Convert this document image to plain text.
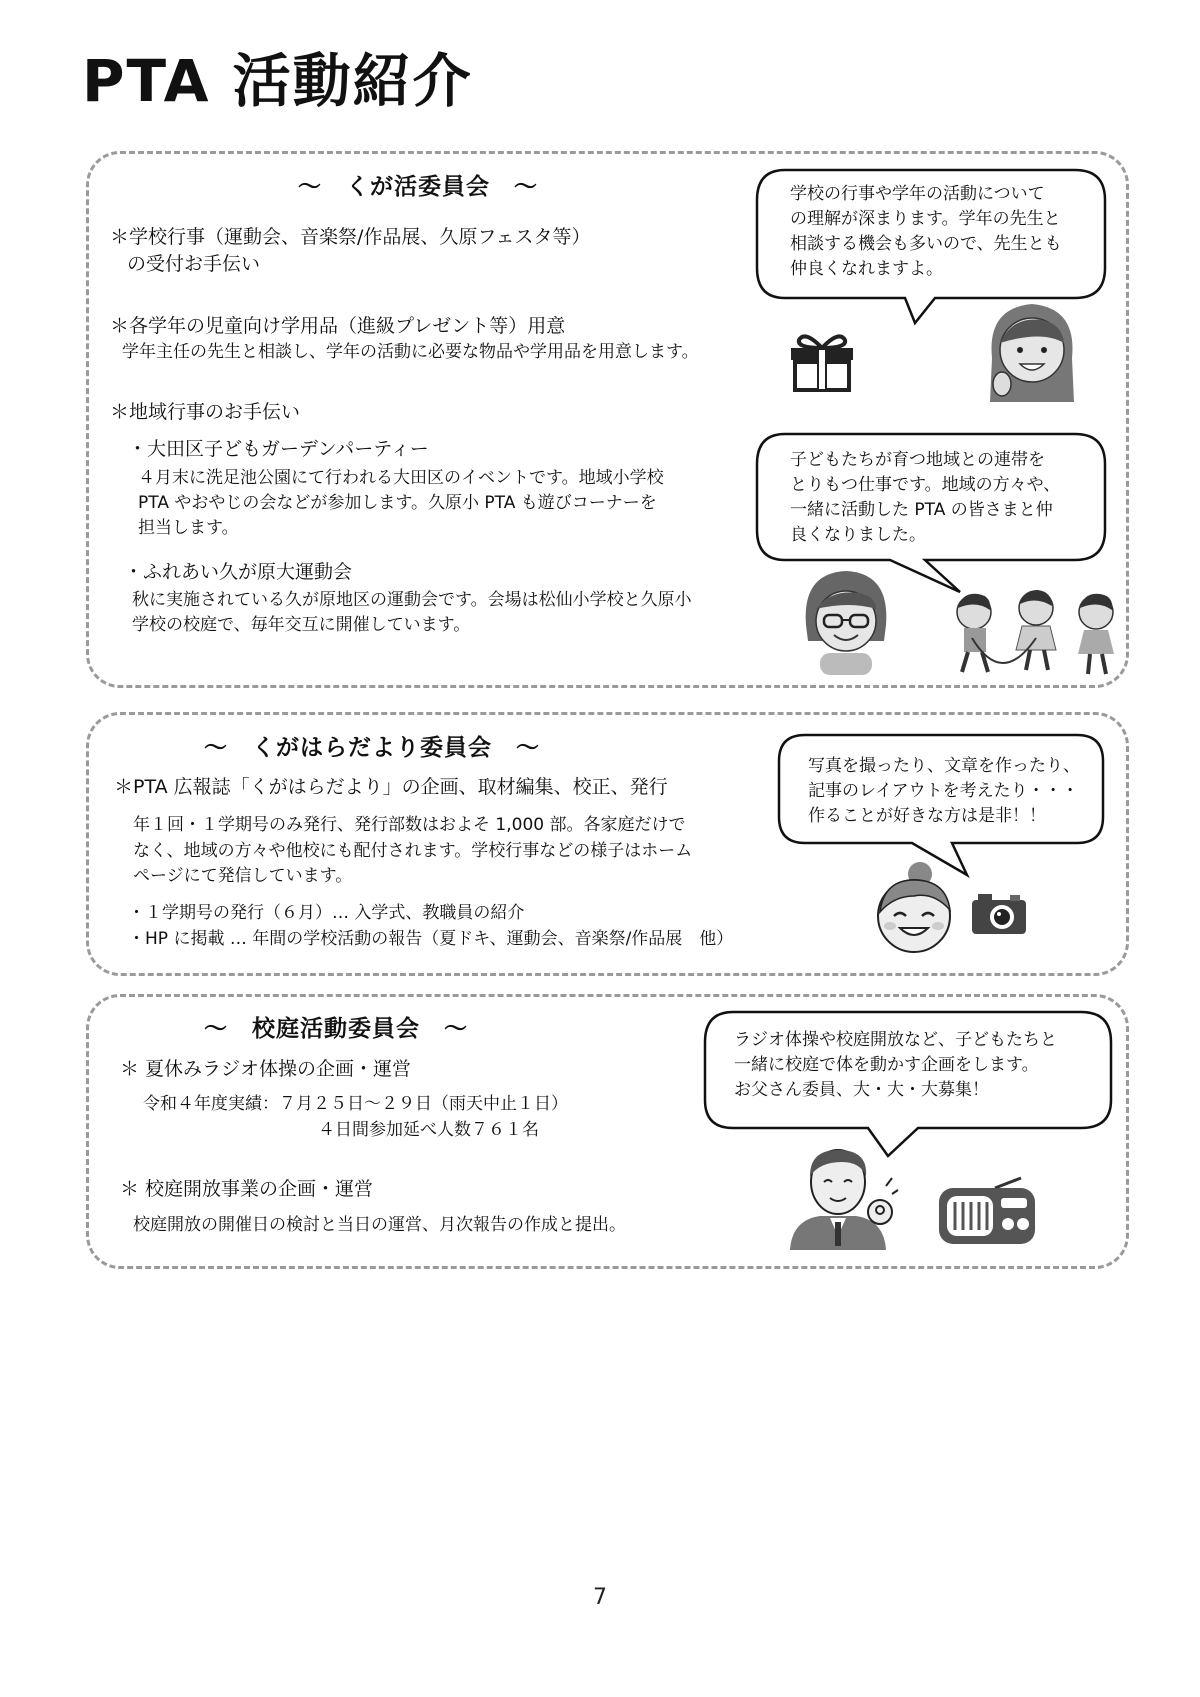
PTA 活動紹介
～　くが活委員会　～
＊学校行事（運動会、音楽祭/作品展、久原フェスタ等）
の受付お手伝い
＊各学年の児童向け学用品（進級プレゼント等）用意
学年主任の先生と相談し、学年の活動に必要な物品や学用品を用意します。
＊地域行事のお手伝い
・大田区子どもガーデンパーティー
４月末に洗足池公園にて行われる大田区のイベントです。地域小学校
PTA やおやじの会などが参加します。久原小 PTA も遊びコーナーを
担当します。
・ふれあい久が原大運動会
秋に実施されている久が原地区の運動会です。会場は松仙小学校と久原小
学校の校庭で、毎年交互に開催しています。
学校の行事や学年の活動について
の理解が深まります。学年の先生と
相談する機会も多いので、先生とも
仲良くなれますよ。
子どもたちが育つ地域との連帯を
とりもつ仕事です。地域の方々や、
一緒に活動した PTA の皆さまと仲
良くなりました。
～　くがはらだより委員会　～
＊PTA 広報誌「くがはらだより」の企画、取材編集、校正、発行
年１回・１学期号のみ発行、発行部数はおよそ 1,000 部。各家庭だけで
なく、地域の方々や他校にも配付されます。学校行事などの様子はホーム
ページにて発信しています。
・１学期号の発行（６月）… 入学式、教職員の紹介
・HP に掲載 … 年間の学校活動の報告（夏ドキ、運動会、音楽祭/作品展　他）
写真を撮ったり、文章を作ったり、
記事のレイアウトを考えたり・・・
作ることが好きな方は是非！！
～　校庭活動委員会　～
＊ 夏休みラジオ体操の企画・運営
令和４年度実績：７月２５日～２９日（雨天中止１日）
４日間参加延べ人数７６１名
＊ 校庭開放事業の企画・運営
校庭開放の開催日の検討と当日の運営、月次報告の作成と提出。
ラジオ体操や校庭開放など、子どもたちと
一緒に校庭で体を動かす企画をします。
お父さん委員、大・大・大募集！
7
